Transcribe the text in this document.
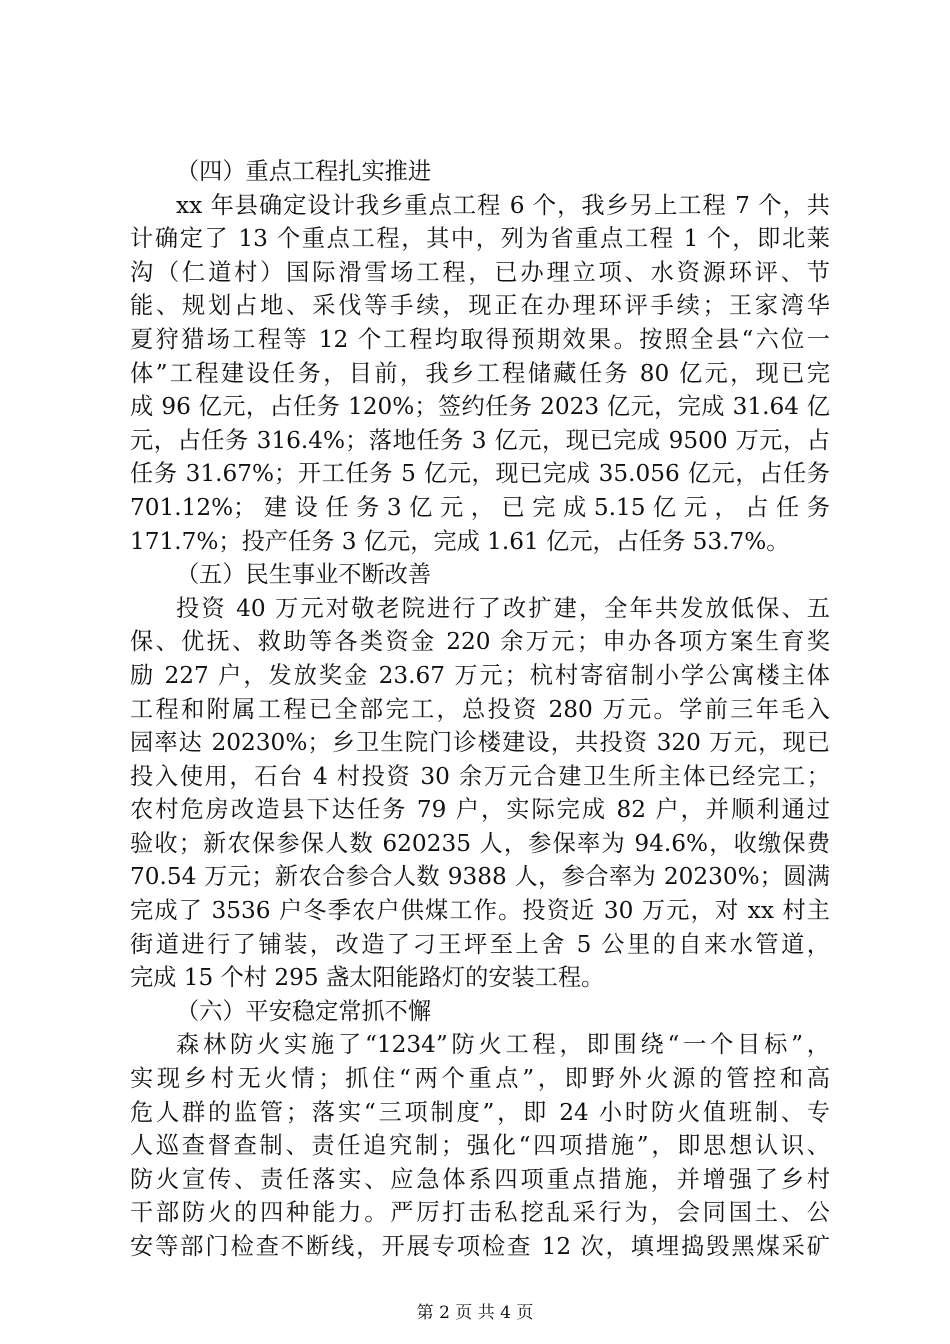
（四）重点工程扎实推进
xx 年县确定设计我乡重点工程 6 个，我乡另上工程 7 个，共
计确定了 13 个重点工程，其中，列为省重点工程 1 个，即北莱
沟（仁道村）国际滑雪场工程，已办理立项、水资源环评、节
能、规划占地、采伐等手续，现正在办理环评手续；王家湾华
夏狩猎场工程等 12 个工程均取得预期效果。按照全县“六位一
体”工程建设任务，目前，我乡工程储藏任务 80 亿元，现已完
成 96 亿元，占任务 120%；签约任务 2023 亿元，完成 31.64 亿
元，占任务 316.4%；落地任务 3 亿元，现已完成 9500 万元，占
任务 31.67%；开工任务 5 亿元，现已完成 35.056 亿元，占任务
701.12%； 建 设 任 务 3 亿 元 ， 已 完 成 5.15 亿 元 ， 占 任 务
171.7%；投产任务 3 亿元，完成 1.61 亿元，占任务 53.7%。
（五）民生事业不断改善
投资 40 万元对敬老院进行了改扩建，全年共发放低保、五
保、优抚、救助等各类资金 220 余万元；申办各项方案生育奖
励 227 户，发放奖金 23.67 万元；杭村寄宿制小学公寓楼主体
工程和附属工程已全部完工，总投资 280 万元。学前三年毛入
园率达 20230%；乡卫生院门诊楼建设，共投资 320 万元，现已
投入使用，石台 4 村投资 30 余万元合建卫生所主体已经完工；
农村危房改造县下达任务 79 户，实际完成 82 户，并顺利通过
验收；新农保参保人数 620235 人，参保率为 94.6%，收缴保费
70.54 万元；新农合参合人数 9388 人，参合率为 20230%；圆满
完成了 3536 户冬季农户供煤工作。投资近 30 万元，对 xx 村主
街道进行了铺装，改造了刁王坪至上舍 5 公里的自来水管道，
完成 15 个村 295 盏太阳能路灯的安装工程。
（六）平安稳定常抓不懈
森林防火实施了“1234”防火工程，即围绕“一个目标”，
实现乡村无火情；抓住“两个重点”，即野外火源的管控和高
危人群的监管；落实“三项制度”，即 24 小时防火值班制、专
人巡查督查制、责任追究制；强化“四项措施”，即思想认识、
防火宣传、责任落实、应急体系四项重点措施，并增强了乡村
干部防火的四种能力。严厉打击私挖乱采行为，会同国土、公
安等部门检查不断线，开展专项检查 12 次，填埋捣毁黑煤采矿
第 2 页 共 4 页
